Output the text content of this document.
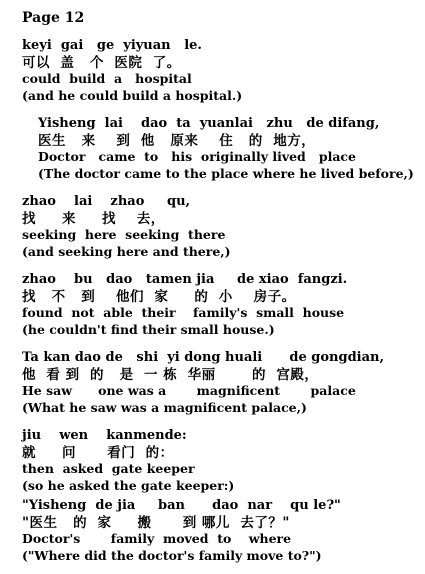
Page 12
keyi  gai   ge  yiyuan   le.
可以  盖   个  医院  了。
could  build  a   hospital
(and he could build a hospital.)
Yisheng  lai    dao  ta  yuanlai   zhu   de difang,
医生   来    到  他   原来    住   的  地方，
Doctor   came  to   his  originally lived   place
(The doctor came to the place where he lived before,)
zhao    lai    zhao     qu,
找     来     找    去，
seeking  here  seeking  there
(and seeking here and there,)
zhao    bu   dao   tamen jia     de xiao  fangzi.
找   不   到    他们  家     的  小    房子。
found  not  able  their    family's  small  house
(he couldn't find their small house.)
Ta kan dao de   shi  yi dong huali      de gongdian,
他  看 到  的   是  一 栋  华丽       的  宫殿，
He saw      one was a       magnificent       palace
(What he saw was a magnificent palace,)
jiu    wen    kanmende:
就     问      看门  的：
then  asked  gate keeper
(so he asked the gate keeper:)
"Yisheng  de jia     ban      dao  nar    qu le?"
"医生   的  家     搬      到 哪儿  去了？"
Doctor's       family  moved  to    where
("Where did the doctor's family move to?")
